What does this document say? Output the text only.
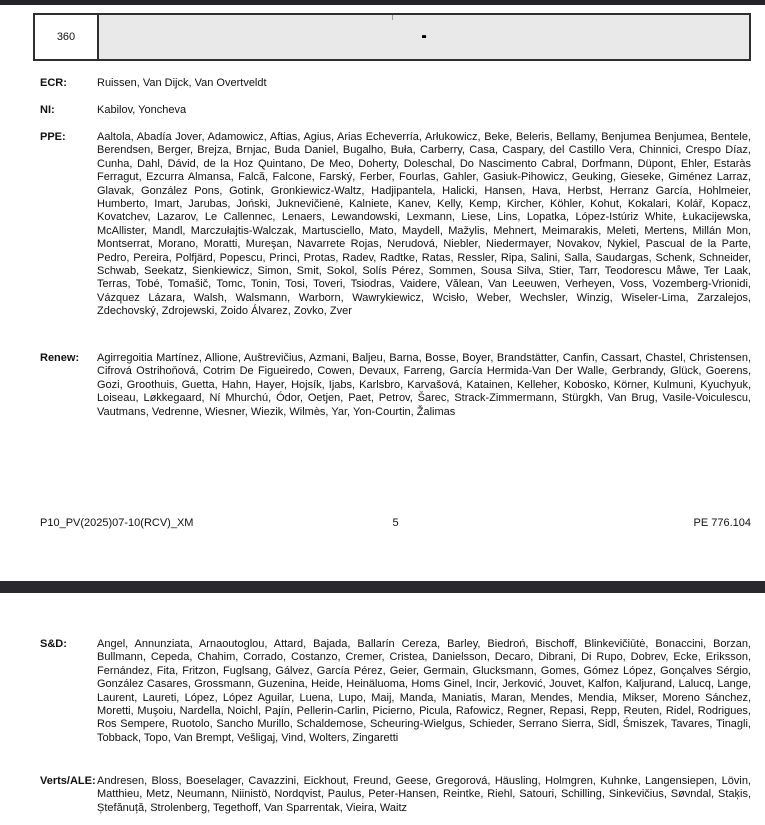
360	-
ECR:	Ruissen, Van Dijck, Van Overtveldt
NI:	Kabilov, Yoncheva
PPE:	Aaltola, Abadía Jover, Adamowicz, Aftias, Agius, Arias Echeverría, Arłukowicz, Beke, Beleris, Bellamy, Benjumea Benjumea, Bentele, Berendsen, Berger, Brejza, Brnjac, Buda Daniel, Bugalho, Buła, Carberry, Casa, Caspary, del Castillo Vera, Chinnici, Crespo Díaz, Cunha, Dahl, Dávid, de la Hoz Quintano, De Meo, Doherty, Doleschal, Do Nascimento Cabral, Dorfmann, Düpont, Ehler, Estaràs Ferragut, Ezcurra Almansa, Falcă, Falcone, Farský, Ferber, Fourlas, Gahler, Gasiuk-Pihowicz, Geuking, Gieseke, Giménez Larraz, Glavak, González Pons, Gotink, Gronkiewicz-Waltz, Hadjipantela, Halicki, Hansen, Hava, Herbst, Herranz García, Hohlmeier, Humberto, Imart, Jarubas, Joński, Juknevičienė, Kalniete, Kanev, Kelly, Kemp, Kircher, Köhler, Kohut, Kokalari, Kolář, Kopacz, Kovatchev, Lazarov, Le Callennec, Lenaers, Lewandowski, Lexmann, Liese, Lins, Lopatka, López-Istúriz White, Łukacijewska, McAllister, Mandl, Marczułajtis-Walczak, Martusciello, Mato, Maydell, Mažylis, Mehnert, Meimarakis, Meleti, Mertens, Millán Mon, Montserrat, Morano, Moratti, Mureşan, Navarrete Rojas, Nerudová, Niebler, Niedermayer, Novakov, Nykiel, Pascual de la Parte, Pedro, Pereira, Polfjärd, Popescu, Princi, Protas, Radev, Radtke, Ratas, Ressler, Ripa, Salini, Salla, Saudargas, Schenk, Schneider, Schwab, Seekatz, Sienkiewicz, Simon, Smit, Sokol, Solís Pérez, Sommen, Sousa Silva, Stier, Tarr, Teodorescu Måwe, Ter Laak, Terras, Tobé, Tomašič, Tomc, Tonin, Tosi, Toveri, Tsiodras, Vaidere, Vălean, Van Leeuwen, Verheyen, Voss, Vozemberg-Vrionidi, Vázquez Lázara, Walsh, Walsmann, Warborn, Wawrykiewicz, Wcisło, Weber, Wechsler, Winzig, Wiseler-Lima, Zarzalejos, Zdechovský, Zdrojewski, Zoido Álvarez, Zovko, Zver
Renew:	Agirregoitia Martínez, Allione, Auštrevičius, Azmani, Baljeu, Barna, Bosse, Boyer, Brandstätter, Canfin, Cassart, Chastel, Christensen, Cifrová Ostrihoňová, Cotrim De Figueiredo, Cowen, Devaux, Farreng, García Hermida-Van Der Walle, Gerbrandy, Glück, Goerens, Gozi, Groothuis, Guetta, Hahn, Hayer, Hojsík, Ijabs, Karlsbro, Karvašová, Katainen, Kelleher, Kobosko, Körner, Kulmuni, Kyuchyuk, Loiseau, Løkkegaard, Ní Mhurchú, Ódor, Oetjen, Paet, Petrov, Šarec, Strack-Zimmermann, Stürgkh, Van Brug, Vasile-Voiculescu, Vautmans, Vedrenne, Wiesner, Wiezik, Wilmès, Yar, Yon-Courtin, Žalimas
P10_PV(2025)07-10(RCV)_XM	5	PE 776.104
S&D:	Angel, Annunziata, Arnaoutoglou, Attard, Bajada, Ballarín Cereza, Barley, Biedroń, Bischoff, Blinkevičiūtė, Bonaccini, Borzan, Bullmann, Cepeda, Chahim, Corrado, Costanzo, Cremer, Cristea, Danielsson, Decaro, Dibrani, Di Rupo, Dobrev, Ecke, Eriksson, Fernández, Fita, Fritzon, Fuglsang, Gálvez, García Pérez, Geier, Germain, Glucksmann, Gomes, Gómez López, Gonçalves Sérgio, González Casares, Grossmann, Guzenina, Heide, Heinäluoma, Homs Ginel, Incir, Jerković, Jouvet, Kalfon, Kaljurand, Lalucq, Lange, Laurent, Laureti, López, López Aguilar, Luena, Lupo, Maij, Manda, Maniatis, Maran, Mendes, Mendia, Mikser, Moreno Sánchez, Moretti, Muşoiu, Nardella, Noichl, Pajín, Pellerin-Carlin, Picierno, Picula, Rafowicz, Regner, Repasi, Repp, Reuten, Ridel, Rodrigues, Ros Sempere, Ruotolo, Sancho Murillo, Schaldemose, Scheuring-Wielgus, Schieder, Serrano Sierra, Sidl, Śmiszek, Tavares, Tinagli, Tobback, Topo, Van Brempt, Vešligaj, Vind, Wolters, Zingaretti
Verts/ALE: Andresen, Bloss, Boeselager, Cavazzini, Eickhout, Freund, Geese, Gregorová, Häusling, Holmgren, Kuhnke, Langensiepen, Lövin, Matthieu, Metz, Neumann, Niinistö, Nordqvist, Paulus, Peter-Hansen, Reintke, Riehl, Satouri, Schilling, Sinkevičius, Søvndal, Staķis, Ștefănuță, Strolenberg, Tegethoff, Van Sparrentak, Vieira, Waitz
